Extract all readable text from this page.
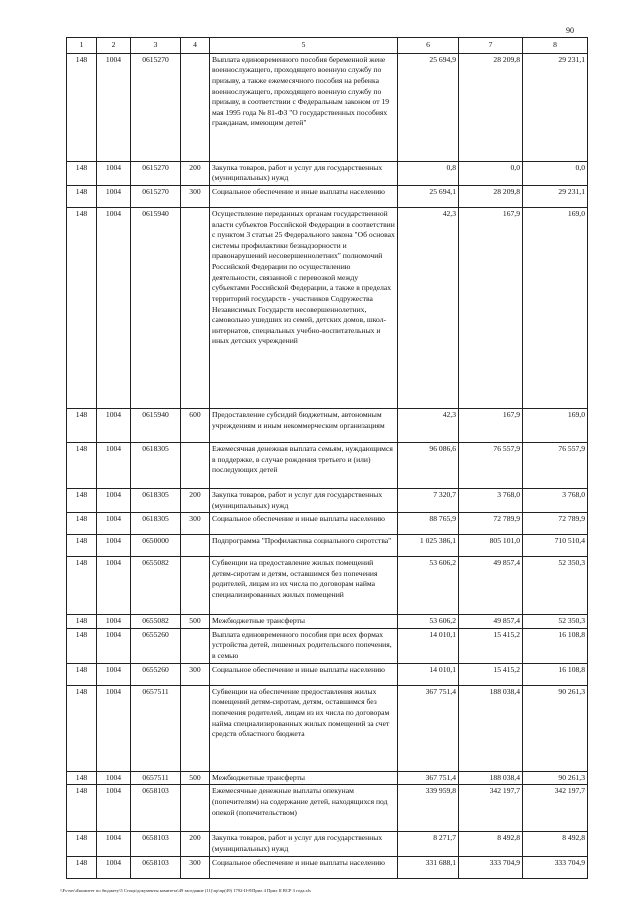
90
1	2	3	4	5	6	7	8
148	1004	0615270		Выплата единовременного пособия беременной жене военнослужащего, проходящего военную службу по призыву, а также ежемесячного пособия на ребенка военнослужащего, проходящего военную службу по призыву, в соответствии с Федеральным законом от 19 мая 1995 года № 81-ФЗ "О государственных пособиях гражданам, имеющим детей"	25 694,9	28 209,8	29 231,1
148	1004	0615270	200	Закупка товаров, работ и услуг для государственных (муниципальных) нужд	0,8	0,0	0,0
148	1004	0615270	300	Социальное обеспечение и иные выплаты населению	25 694,1	28 209,8	29 231,1
148	1004	0615940		Осуществление переданных органам государственной власти субъектов Российской Федерации в соответствии с пунктом 3 статьи 25 Федерального закона "Об основах системы профилактики безнадзорности и правонарушений несовершеннолетних" полномочий Российской Федерации по осуществлению деятельности, связанной с перевозкой между субъектами Российской Федерации, а также в пределах территорий государств - участников Содружества Независимых Государств несовершеннолетних, самовольно ушедших из семей, детских домов, школ-интернатов, специальных учебно-воспитательных и иных детских учреждений	42,3	167,9	169,0
148	1004	0615940	600	Предоставление субсидий бюджетным, автономным учреждениям и иным некоммерческим организациям	42,3	167,9	169,0
148	1004	0618305		Ежемесячная денежная выплата семьям, нуждающимся в поддержке, в случае рождения третьего и (или) последующих детей	96 086,6	76 557,9	76 557,9
148	1004	0618305	200	Закупка товаров, работ и услуг для государственных (муниципальных) нужд	7 320,7	3 768,0	3 768,0
148	1004	0618305	300	Социальное обеспечение и иные выплаты населению	88 765,9	72 789,9	72 789,9
148	1004	0650000		Подпрограмма "Профилактика социального сиротства"	1 025 386,1	805 101,0	710 510,4
148	1004	0655082		Субвенции на предоставление жилых помещений детям-сиротам и детям, оставшимся без попечения родителей, лицам из их числа по договорам найма специализированных жилых помещений	53 606,2	49 857,4	52 350,3
148	1004	0655082	500	Межбюджетные трансферты	53 606,2	49 857,4	52 350,3
148	1004	0655260		Выплата единовременного пособия при всех формах устройства детей, лишенных родительского попечения, в семью	14 010,1	15 415,2	16 108,8
148	1004	0655260	300	Социальное обеспечение и иные выплаты населению	14 010,1	15 415,2	16 108,8
148	1004	0657511		Субвенции на обеспечение предоставления жилых помещений детям-сиротам, детям, оставшимся без попечения родителей, лицам из их числа по договорам найма специализированных жилых помещений за счет средств областного бюджета	367 751,4	188 038,4	90 261,3
148	1004	0657511	500	Межбюджетные трансферты	367 751,4	188 038,4	90 261,3
148	1004	0658103		Ежемесячные денежные выплаты опекунам (попечителям) на содержание детей, находящихся под опекой (попечительством)	339 959,8	342 197,7	342 197,7
148	1004	0658103	200	Закупка товаров, работ и услуг для государственных (муниципальных) нужд	8 271,7	8 492,8	8 492,8
148	1004	0658103	300	Социальное обеспечение и иные выплаты населению	331 688,1	333 704,9	333 704,9
\\Fs-mv\d\комитет по бюджету\5 Стоцк\документы комитета\49 заседание (11)\пр\пр(49) 1792-II-8\Прил 4 Прил II ВСР 3 года.xls
